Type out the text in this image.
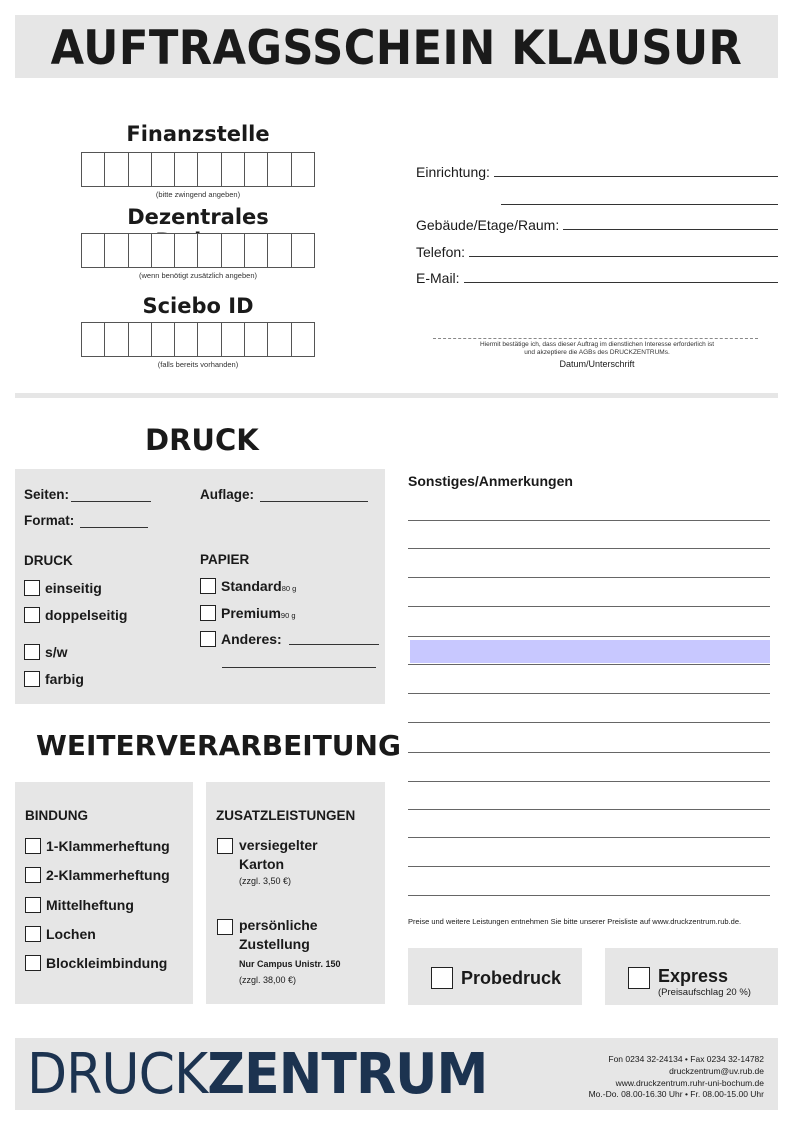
AUFTRAGSSCHEIN KLAUSUR
Finanzstelle
(bitte zwingend angeben)
Dezentrales
(wenn benötigt zusätzlich angeben)
Sciebo ID
(falls bereits vorhanden)
Einrichtung:
Gebäude/Etage/Raum:
Telefon:
E-Mail:
Hiermit bestätige ich, dass dieser Auftrag im dienstlichen Interesse erforderlich ist
und akzeptiere die AGBs des DRUCKZENTRUMs.
Datum/Unterschrift
DRUCK
Seiten:	Auflage:
Format:
DRUCK	PAPIER
einseitig
doppelseitig
s/w
farbig
Standard80 g
Premium90 g
Anderes:
Sonstiges/Anmerkungen
Preise und weitere Leistungen entnehmen Sie bitte unserer Preisliste auf www.druckzentrum.rub.de.
WEITERVERARBEITUNG
BINDUNG
1-Klammerheftung
2-Klammerheftung
Mittelheftung
Lochen
Blockleimbindung
ZUSATZLEISTUNGEN
versiegelter
Karton
(zzgl. 3,50 €)
persönliche
Zustellung
Nur Campus Unistr. 150
(zzgl. 38,00 €)	Probedruck	Express
(Preisaufschlag 20 %)
DRUCKZENTRUM	Fon 0234 32-24134 • Fax 0234 32-14782
druckzentrum@uv.rub.de
www.druckzentrum.ruhr-uni-bochum.de
Mo.-Do. 08.00-16.30 Uhr • Fr. 08.00-15.00 Uhr
